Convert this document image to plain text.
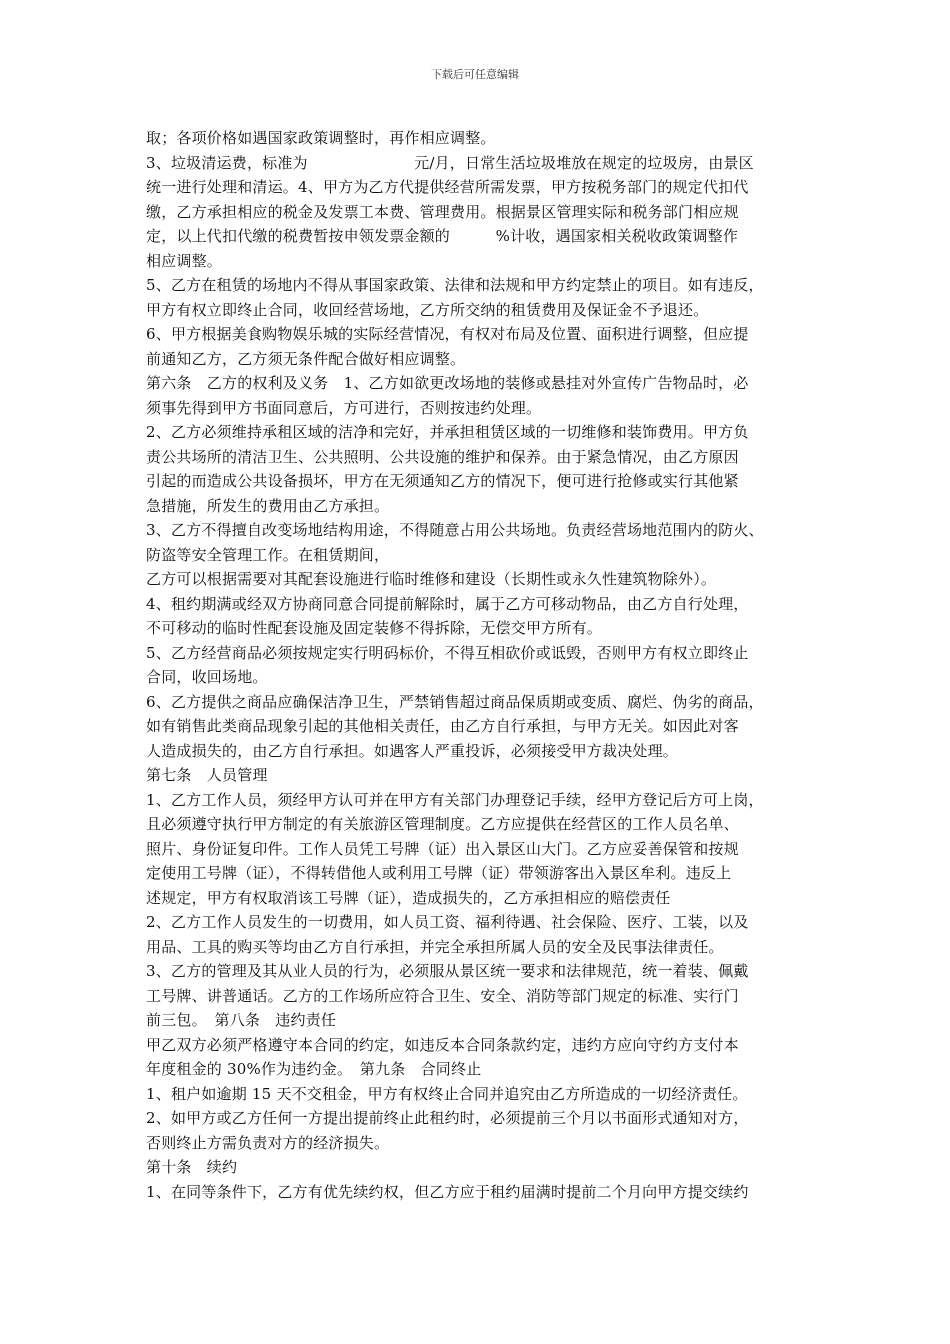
下载后可任意编辑
取；各项价格如遇国家政策调整时，再作相应调整。
3、垃圾清运费，标准为　　　　　　　元/月，日常生活垃圾堆放在规定的垃圾房，由景区
统一进行处理和清运。4、甲方为乙方代提供经营所需发票，甲方按税务部门的规定代扣代
缴，乙方承担相应的税金及发票工本费、管理费用。根据景区管理实际和税务部门相应规
定，以上代扣代缴的税费暂按申领发票金额的　　　%计收，遇国家相关税收政策调整作
相应调整。
5、乙方在租赁的场地内不得从事国家政策、法律和法规和甲方约定禁止的项目。如有违反，
甲方有权立即终止合同，收回经营场地，乙方所交纳的租赁费用及保证金不予退还。
6、甲方根据美食购物娱乐城的实际经营情况，有权对布局及位置、面积进行调整，但应提
前通知乙方，乙方须无条件配合做好相应调整。
第六条　乙方的权利及义务　1、乙方如欲更改场地的装修或悬挂对外宣传广告物品时，必
须事先得到甲方书面同意后，方可进行，否则按违约处理。
2、乙方必须维持承租区域的洁净和完好，并承担租赁区域的一切维修和装饰费用。甲方负
责公共场所的清洁卫生、公共照明、公共设施的维护和保养。由于紧急情况，由乙方原因
引起的而造成公共设备损坏，甲方在无须通知乙方的情况下，便可进行抢修或实行其他紧
急措施，所发生的费用由乙方承担。
3、乙方不得擅自改变场地结构用途，不得随意占用公共场地。负责经营场地范围内的防火、
防盗等安全管理工作。在租赁期间，
乙方可以根据需要对其配套设施进行临时维修和建设（长期性或永久性建筑物除外）。
4、租约期满或经双方协商同意合同提前解除时，属于乙方可移动物品，由乙方自行处理，
不可移动的临时性配套设施及固定装修不得拆除，无偿交甲方所有。
5、乙方经营商品必须按规定实行明码标价，不得互相砍价或诋毁，否则甲方有权立即终止
合同，收回场地。
6、乙方提供之商品应确保洁净卫生，严禁销售超过商品保质期或变质、腐烂、伪劣的商品，
如有销售此类商品现象引起的其他相关责任，由乙方自行承担，与甲方无关。如因此对客
人造成损失的，由乙方自行承担。如遇客人严重投诉，必须接受甲方裁决处理。
第七条　人员管理
1、乙方工作人员，须经甲方认可并在甲方有关部门办理登记手续，经甲方登记后方可上岗，
且必须遵守执行甲方制定的有关旅游区管理制度。乙方应提供在经营区的工作人员名单、
照片、身份证复印件。工作人员凭工号牌（证）出入景区山大门。乙方应妥善保管和按规
定使用工号牌（证），不得转借他人或利用工号牌（证）带领游客出入景区牟利。违反上
述规定，甲方有权取消该工号牌（证），造成损失的，乙方承担相应的赔偿责任
2、乙方工作人员发生的一切费用，如人员工资、福利待遇、社会保险、医疗、工装，以及
用品、工具的购买等均由乙方自行承担，并完全承担所属人员的安全及民事法律责任。
3、乙方的管理及其从业人员的行为，必须服从景区统一要求和法律规范，统一着装、佩戴
工号牌、讲普通话。乙方的工作场所应符合卫生、安全、消防等部门规定的标准、实行门
前三包。　第八条　违约责任
甲乙双方必须严格遵守本合同的约定，如违反本合同条款约定，违约方应向守约方支付本
年度租金的 30%作为违约金。　第九条　合同终止
1、租户如逾期 15 天不交租金，甲方有权终止合同并追究由乙方所造成的一切经济责任。
2、如甲方或乙方任何一方提出提前终止此租约时，必须提前三个月以书面形式通知对方，
否则终止方需负责对方的经济损失。
第十条　续约
1、在同等条件下，乙方有优先续约权，但乙方应于租约届满时提前二个月向甲方提交续约
